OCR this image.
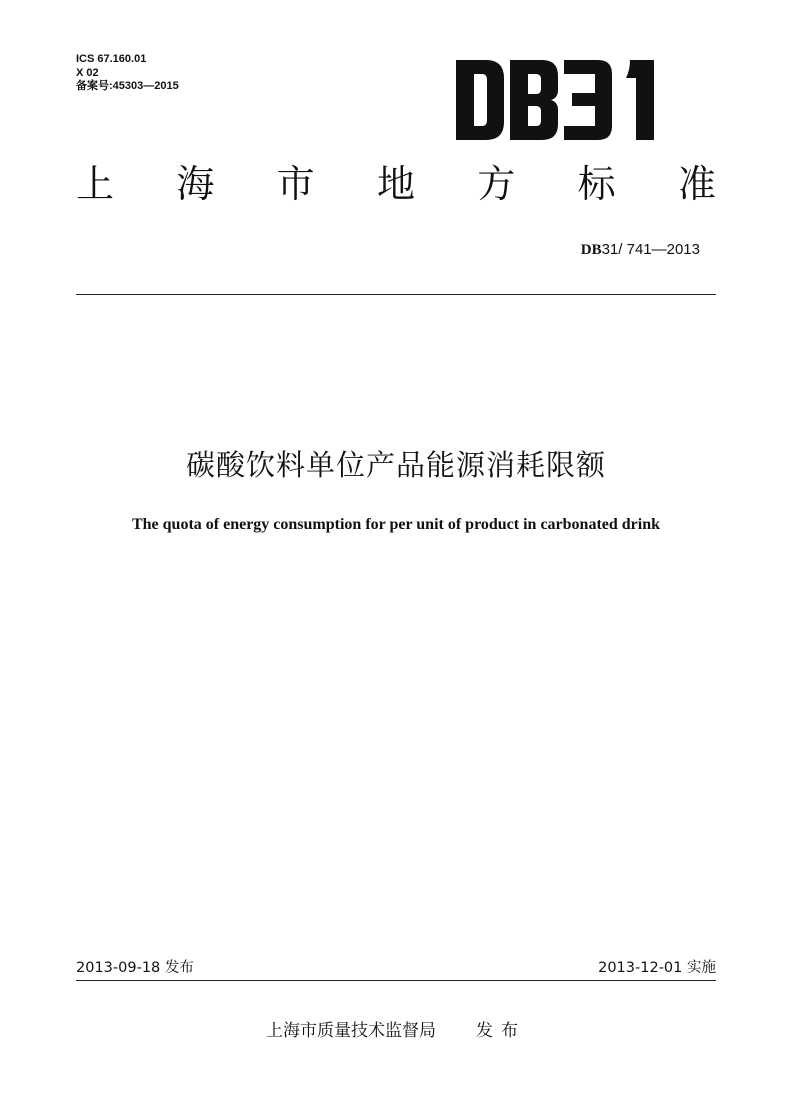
ICS 67.160.01
X 02
备案号:45303—2015
上 海 市 地 方 标 准
DB31/ 741—2013
碳酸饮料单位产品能源消耗限额
The quota of energy consumption for per unit of product in carbonated drink
2013-09-18 发布	2013-12-01 实施
上海市质量技术监督局 发布
